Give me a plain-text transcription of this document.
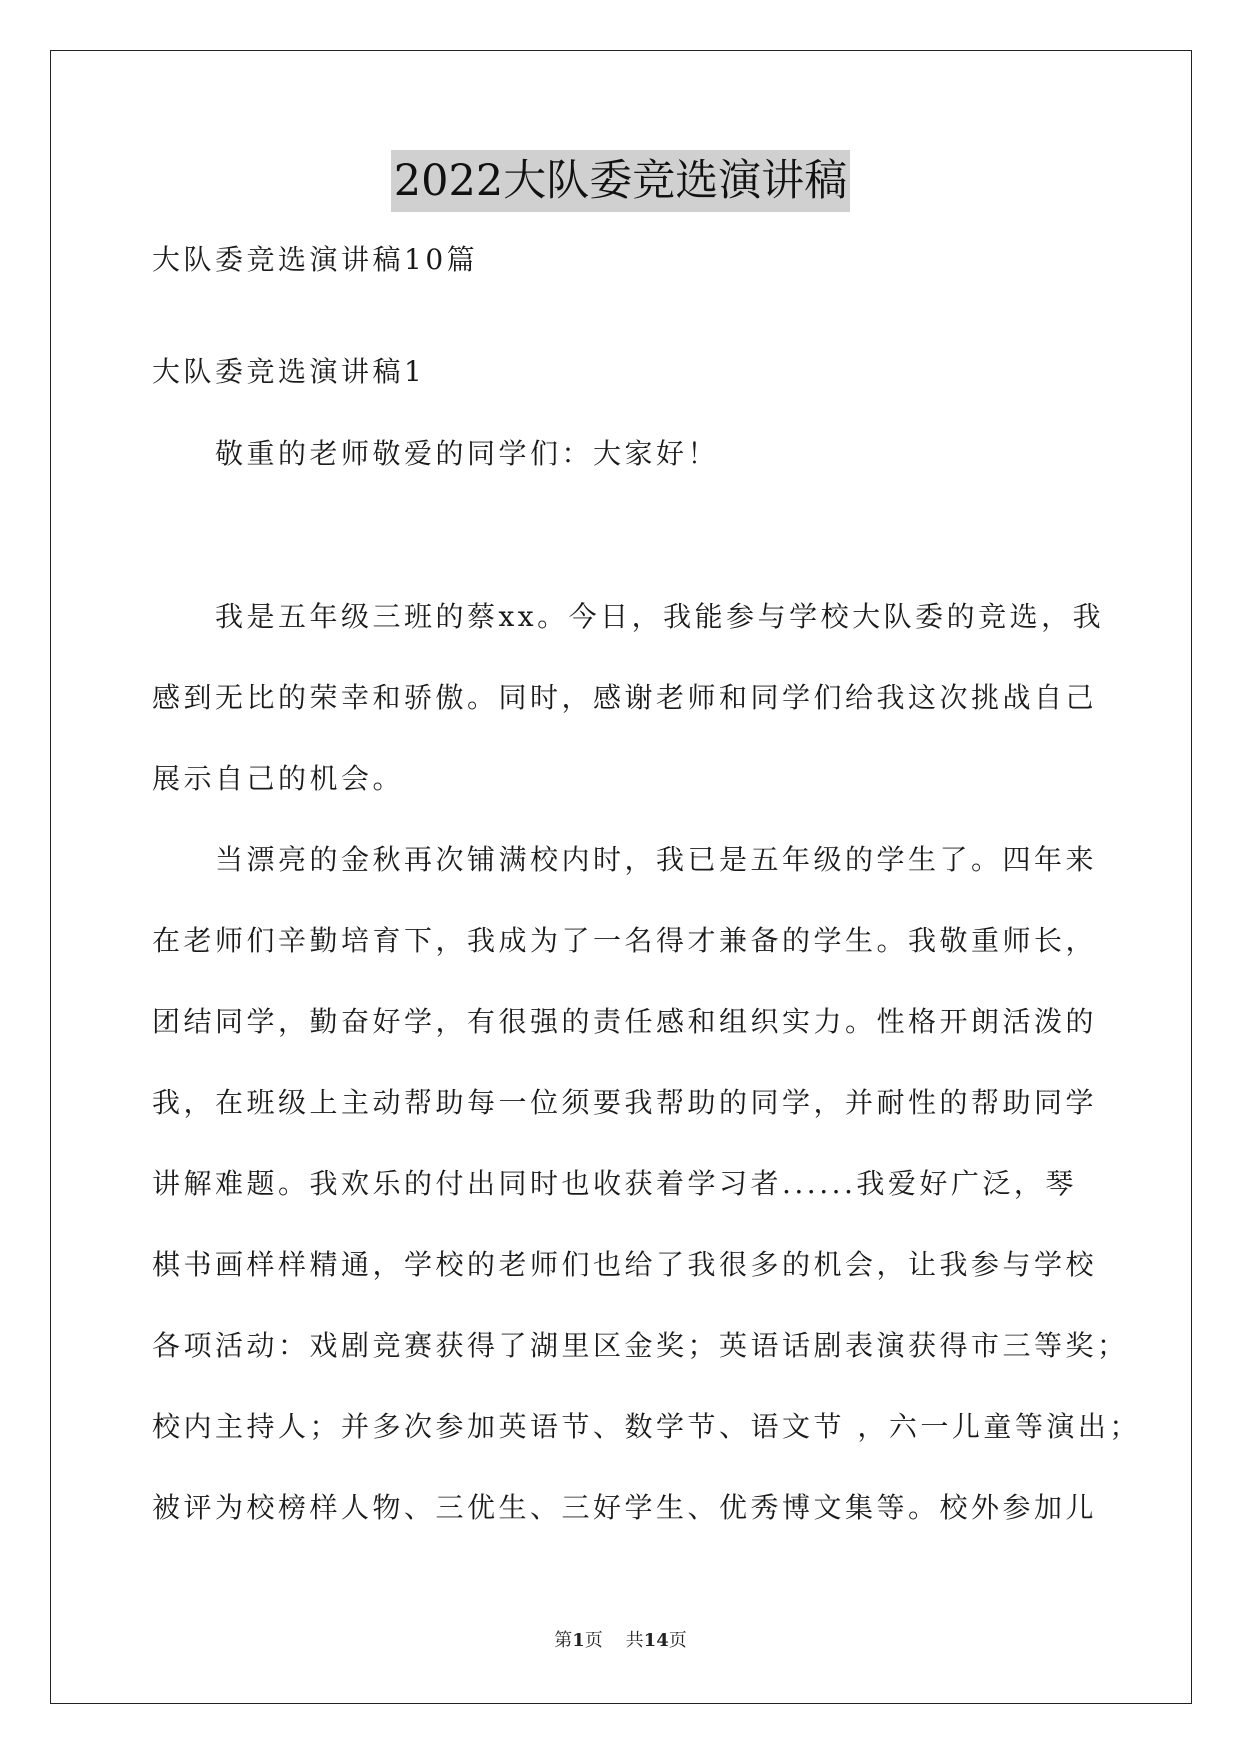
2022大队委竞选演讲稿
大队委竞选演讲稿10篇
大队委竞选演讲稿1
敬重的老师敬爱的同学们：大家好！
我是五年级三班的蔡xx。今日，我能参与学校大队委的竞选，我
感到无比的荣幸和骄傲。同时，感谢老师和同学们给我这次挑战自己
展示自己的机会。
当漂亮的金秋再次铺满校内时，我已是五年级的学生了。四年来
在老师们辛勤培育下，我成为了一名得才兼备的学生。我敬重师长，
团结同学，勤奋好学，有很强的责任感和组织实力。性格开朗活泼的
我，在班级上主动帮助每一位须要我帮助的同学，并耐性的帮助同学
讲解难题。我欢乐的付出同时也收获着学习者......我爱好广泛，琴
棋书画样样精通，学校的老师们也给了我很多的机会，让我参与学校
各项活动：戏剧竞赛获得了湖里区金奖；英语话剧表演获得市三等奖；
校内主持人；并多次参加英语节、数学节、语文节 ，六一儿童等演出；
被评为校榜样人物、三优生、三好学生、优秀博文集等。校外参加儿
第1页 共14页
